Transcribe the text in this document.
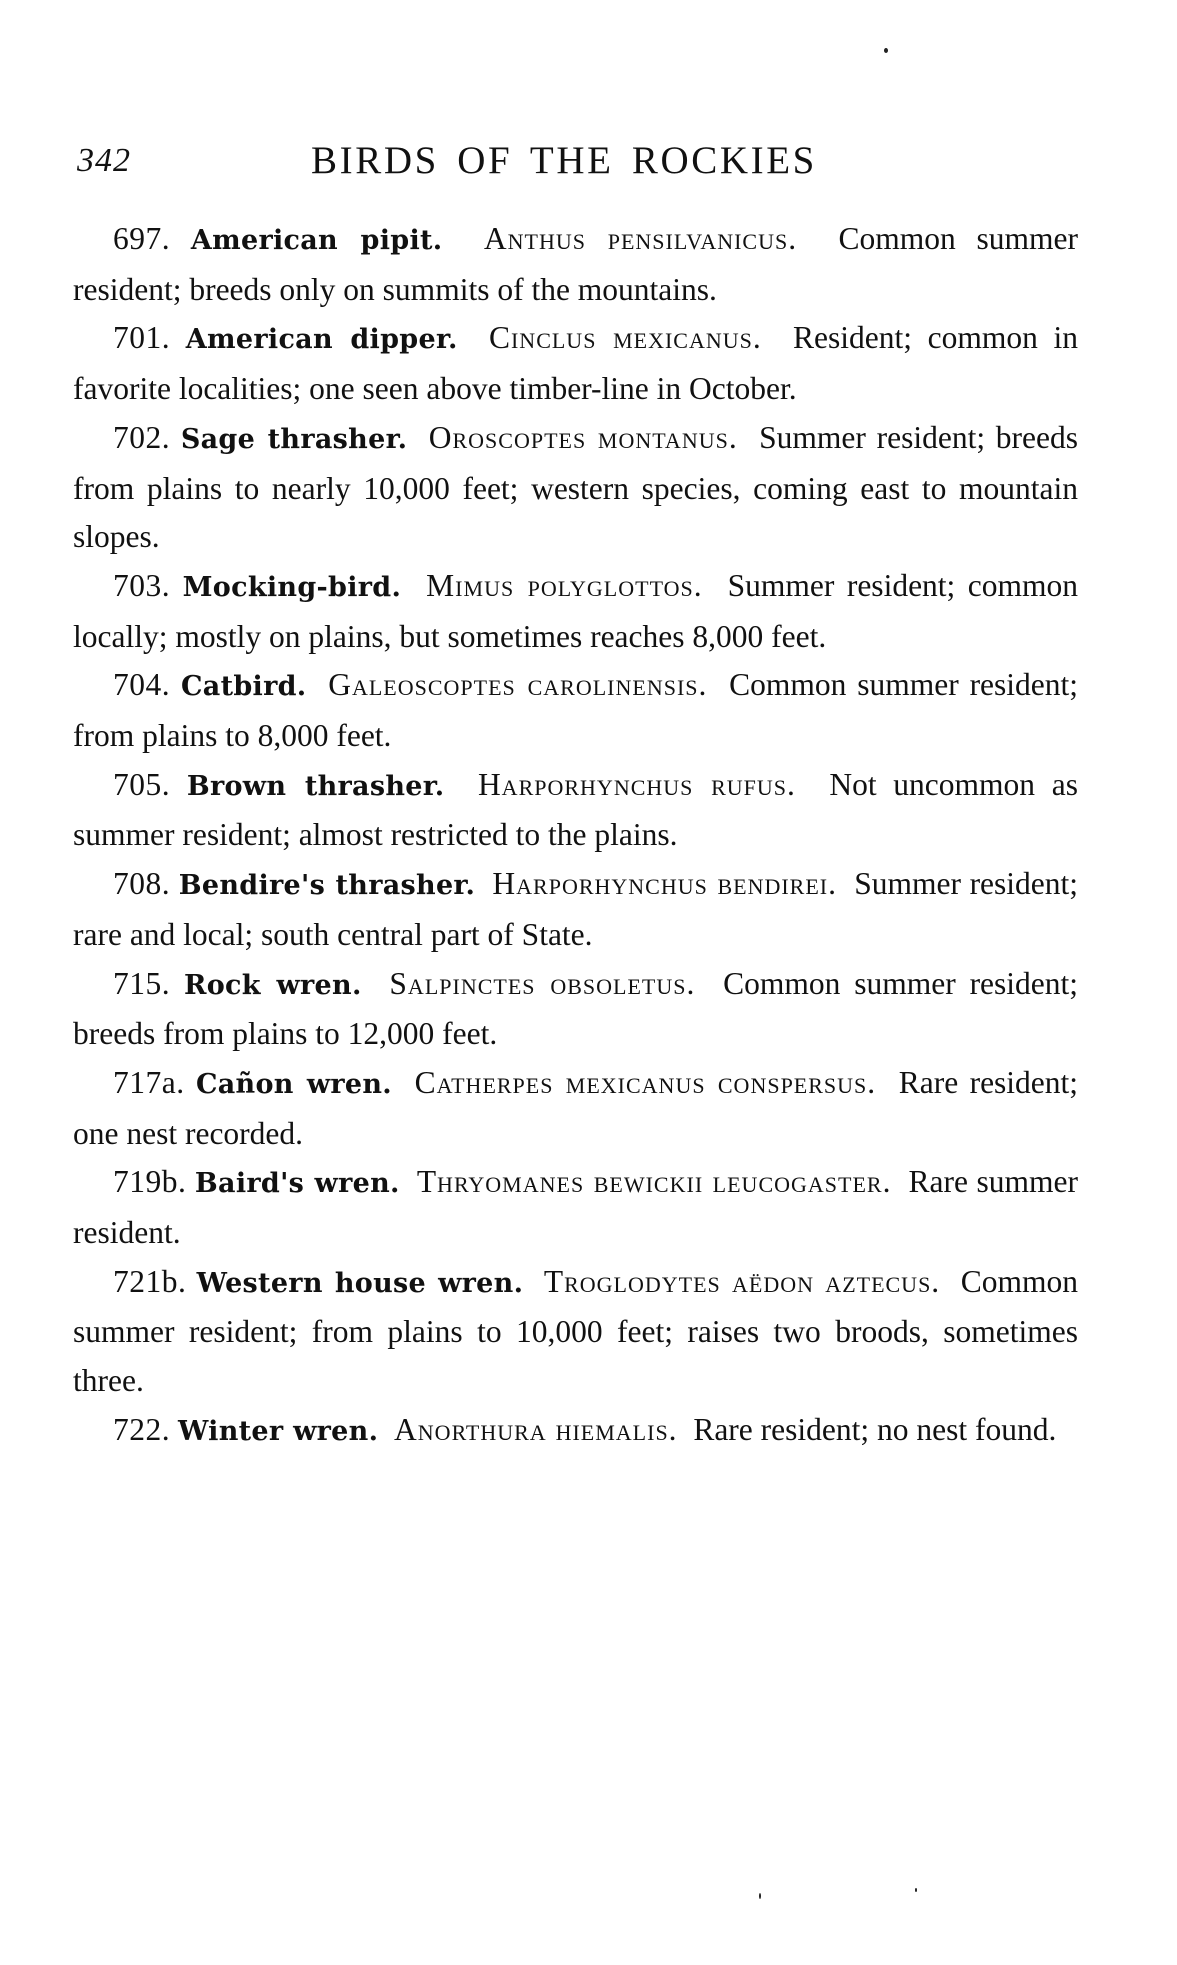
342	BIRDS OF THE ROCKIES

697. American pipit. Anthus pensilvanicus. Common summer resident; breeds only on summits of the mountains.

701. American dipper. Cinclus mexicanus. Resident; common in favorite localities; one seen above timber-line in October.

702. Sage thrasher. Oroscoptes montanus. Summer resident; breeds from plains to nearly 10,000 feet; western species, coming east to mountain slopes.

703. Mocking-bird. Mimus polyglottos. Summer resident; common locally; mostly on plains, but sometimes reaches 8,000 feet.

704. Catbird. Galeoscoptes carolinensis. Common summer resident; from plains to 8,000 feet.

705. Brown thrasher. Harporhynchus rufus. Not uncommon as summer resident; almost restricted to the plains.

708. Bendire's thrasher. Harporhynchus bendirei. Summer resident; rare and local; south central part of State.

715. Rock wren. Salpinctes obsoletus. Common summer resident; breeds from plains to 12,000 feet.

717a. Cañon wren. Catherpes mexicanus conspersus. Rare resident; one nest recorded.

719b. Baird's wren. Thryomanes bewickii leucogaster. Rare summer resident.

721b. Western house wren. Troglodytes aëdon aztecus. Common summer resident; from plains to 10,000 feet; raises two broods, sometimes three.

722. Winter wren. Anorthura hiemalis. Rare resident; no nest found.
